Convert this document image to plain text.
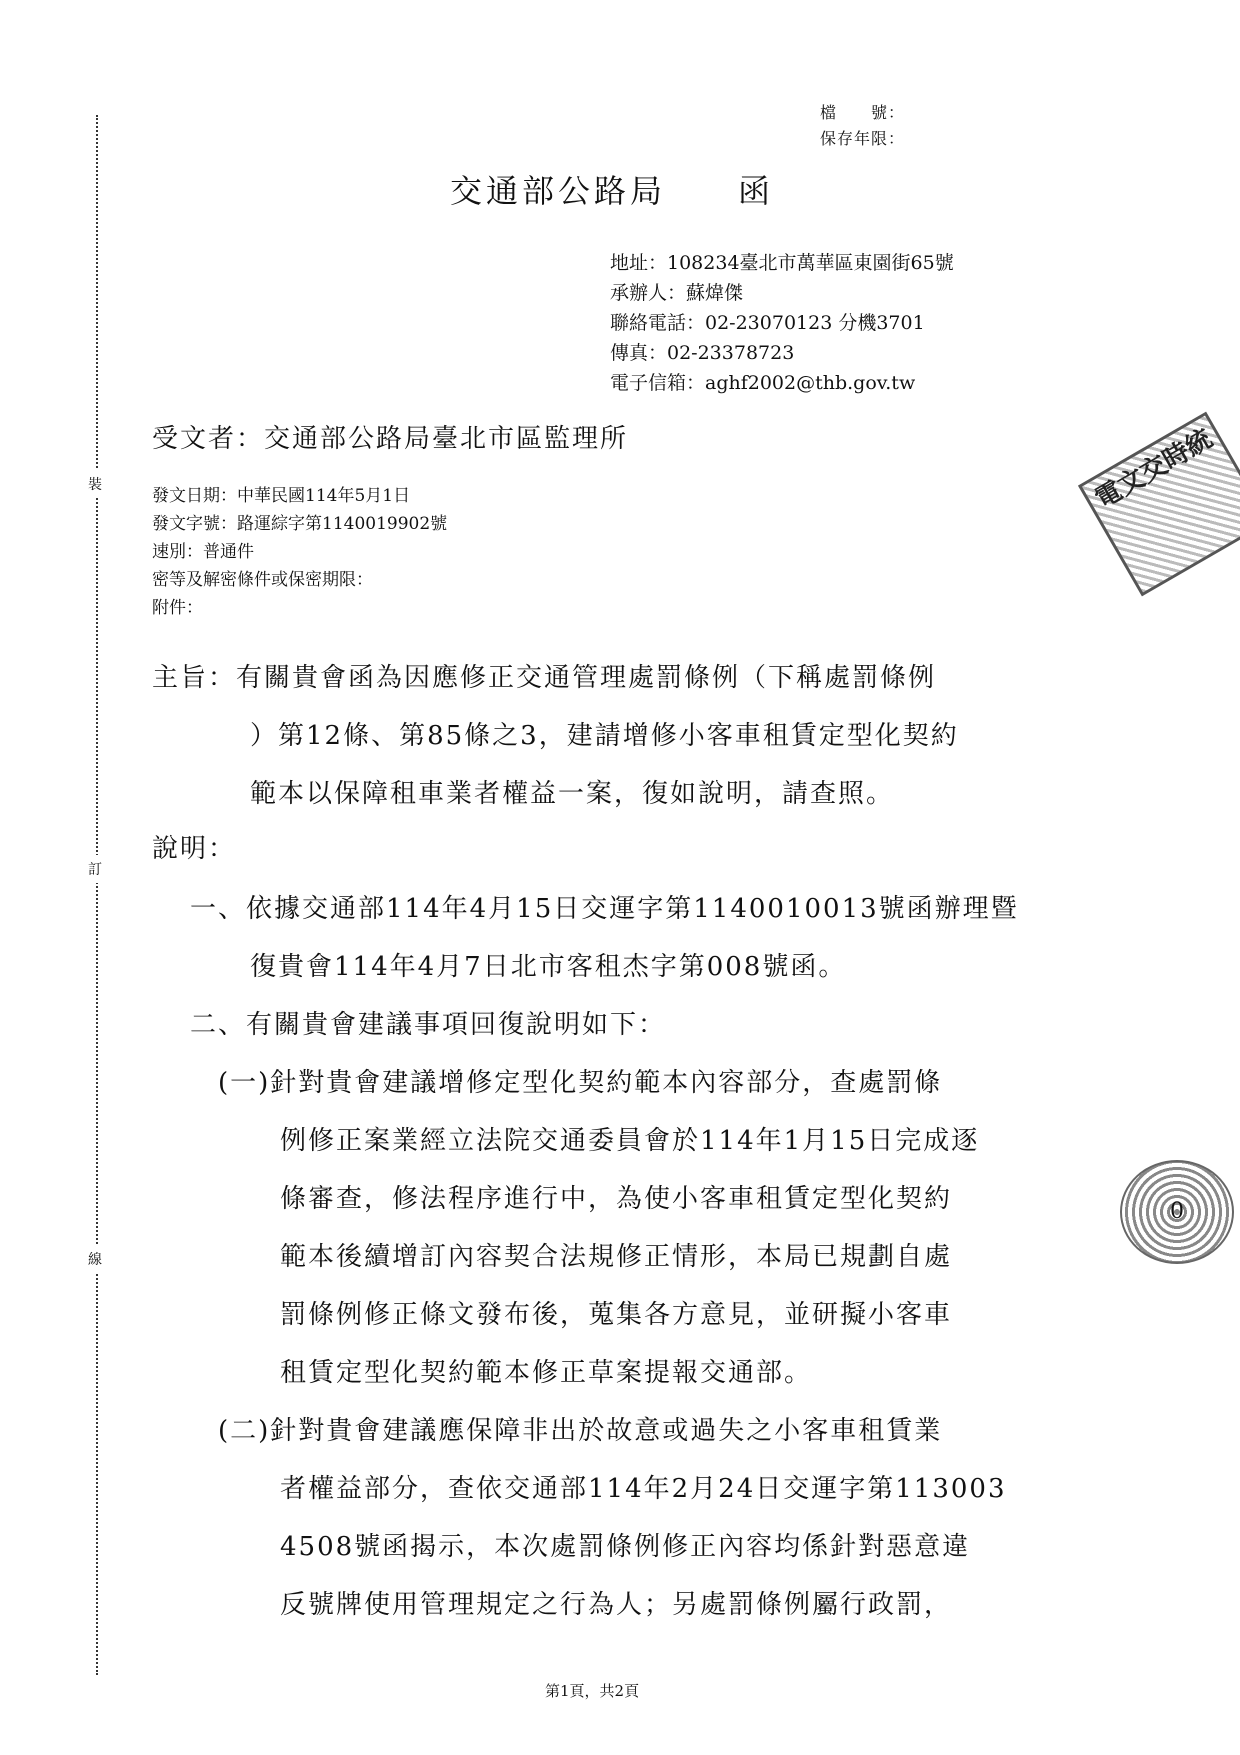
裝
訂
線
檔　　號：
保存年限：
交通部公路局　　函
地址：108234臺北市萬華區東園街65號
承辦人：蘇煒傑
聯絡電話：02-23070123 分機3701
傳真：02-23378723
電子信箱：aghf2002@thb.gov.tw
受文者：交通部公路局臺北市區監理所
發文日期：中華民國114年5月1日
發文字號：路運綜字第1140019902號
速別：普通件
密等及解密條件或保密期限：
附件：
主旨：有關貴會函為因應修正交通管理處罰條例（下稱處罰條例
）第12條、第85條之3，建請增修小客車租賃定型化契約
範本以保障租車業者權益一案，復如說明，請查照。
說明：
一、依據交通部114年4月15日交運字第1140010013號函辦理暨
復貴會114年4月7日北市客租杰字第008號函。
二、有關貴會建議事項回復說明如下：
(一)針對貴會建議增修定型化契約範本內容部分，查處罰條
例修正案業經立法院交通委員會於114年1月15日完成逐
條審查，修法程序進行中，為使小客車租賃定型化契約
範本後續增訂內容契合法規修正情形，本局已規劃自處
罰條例修正條文發布後，蒐集各方意見，並研擬小客車
租賃定型化契約範本修正草案提報交通部。
(二)針對貴會建議應保障非出於故意或過失之小客車租賃業
者權益部分，查依交通部114年2月24日交運字第113003
4508號函揭示，本次處罰條例修正內容均係針對惡意違
反號牌使用管理規定之行為人；另處罰條例屬行政罰，
第1頁，共2頁
電文交時統
0
